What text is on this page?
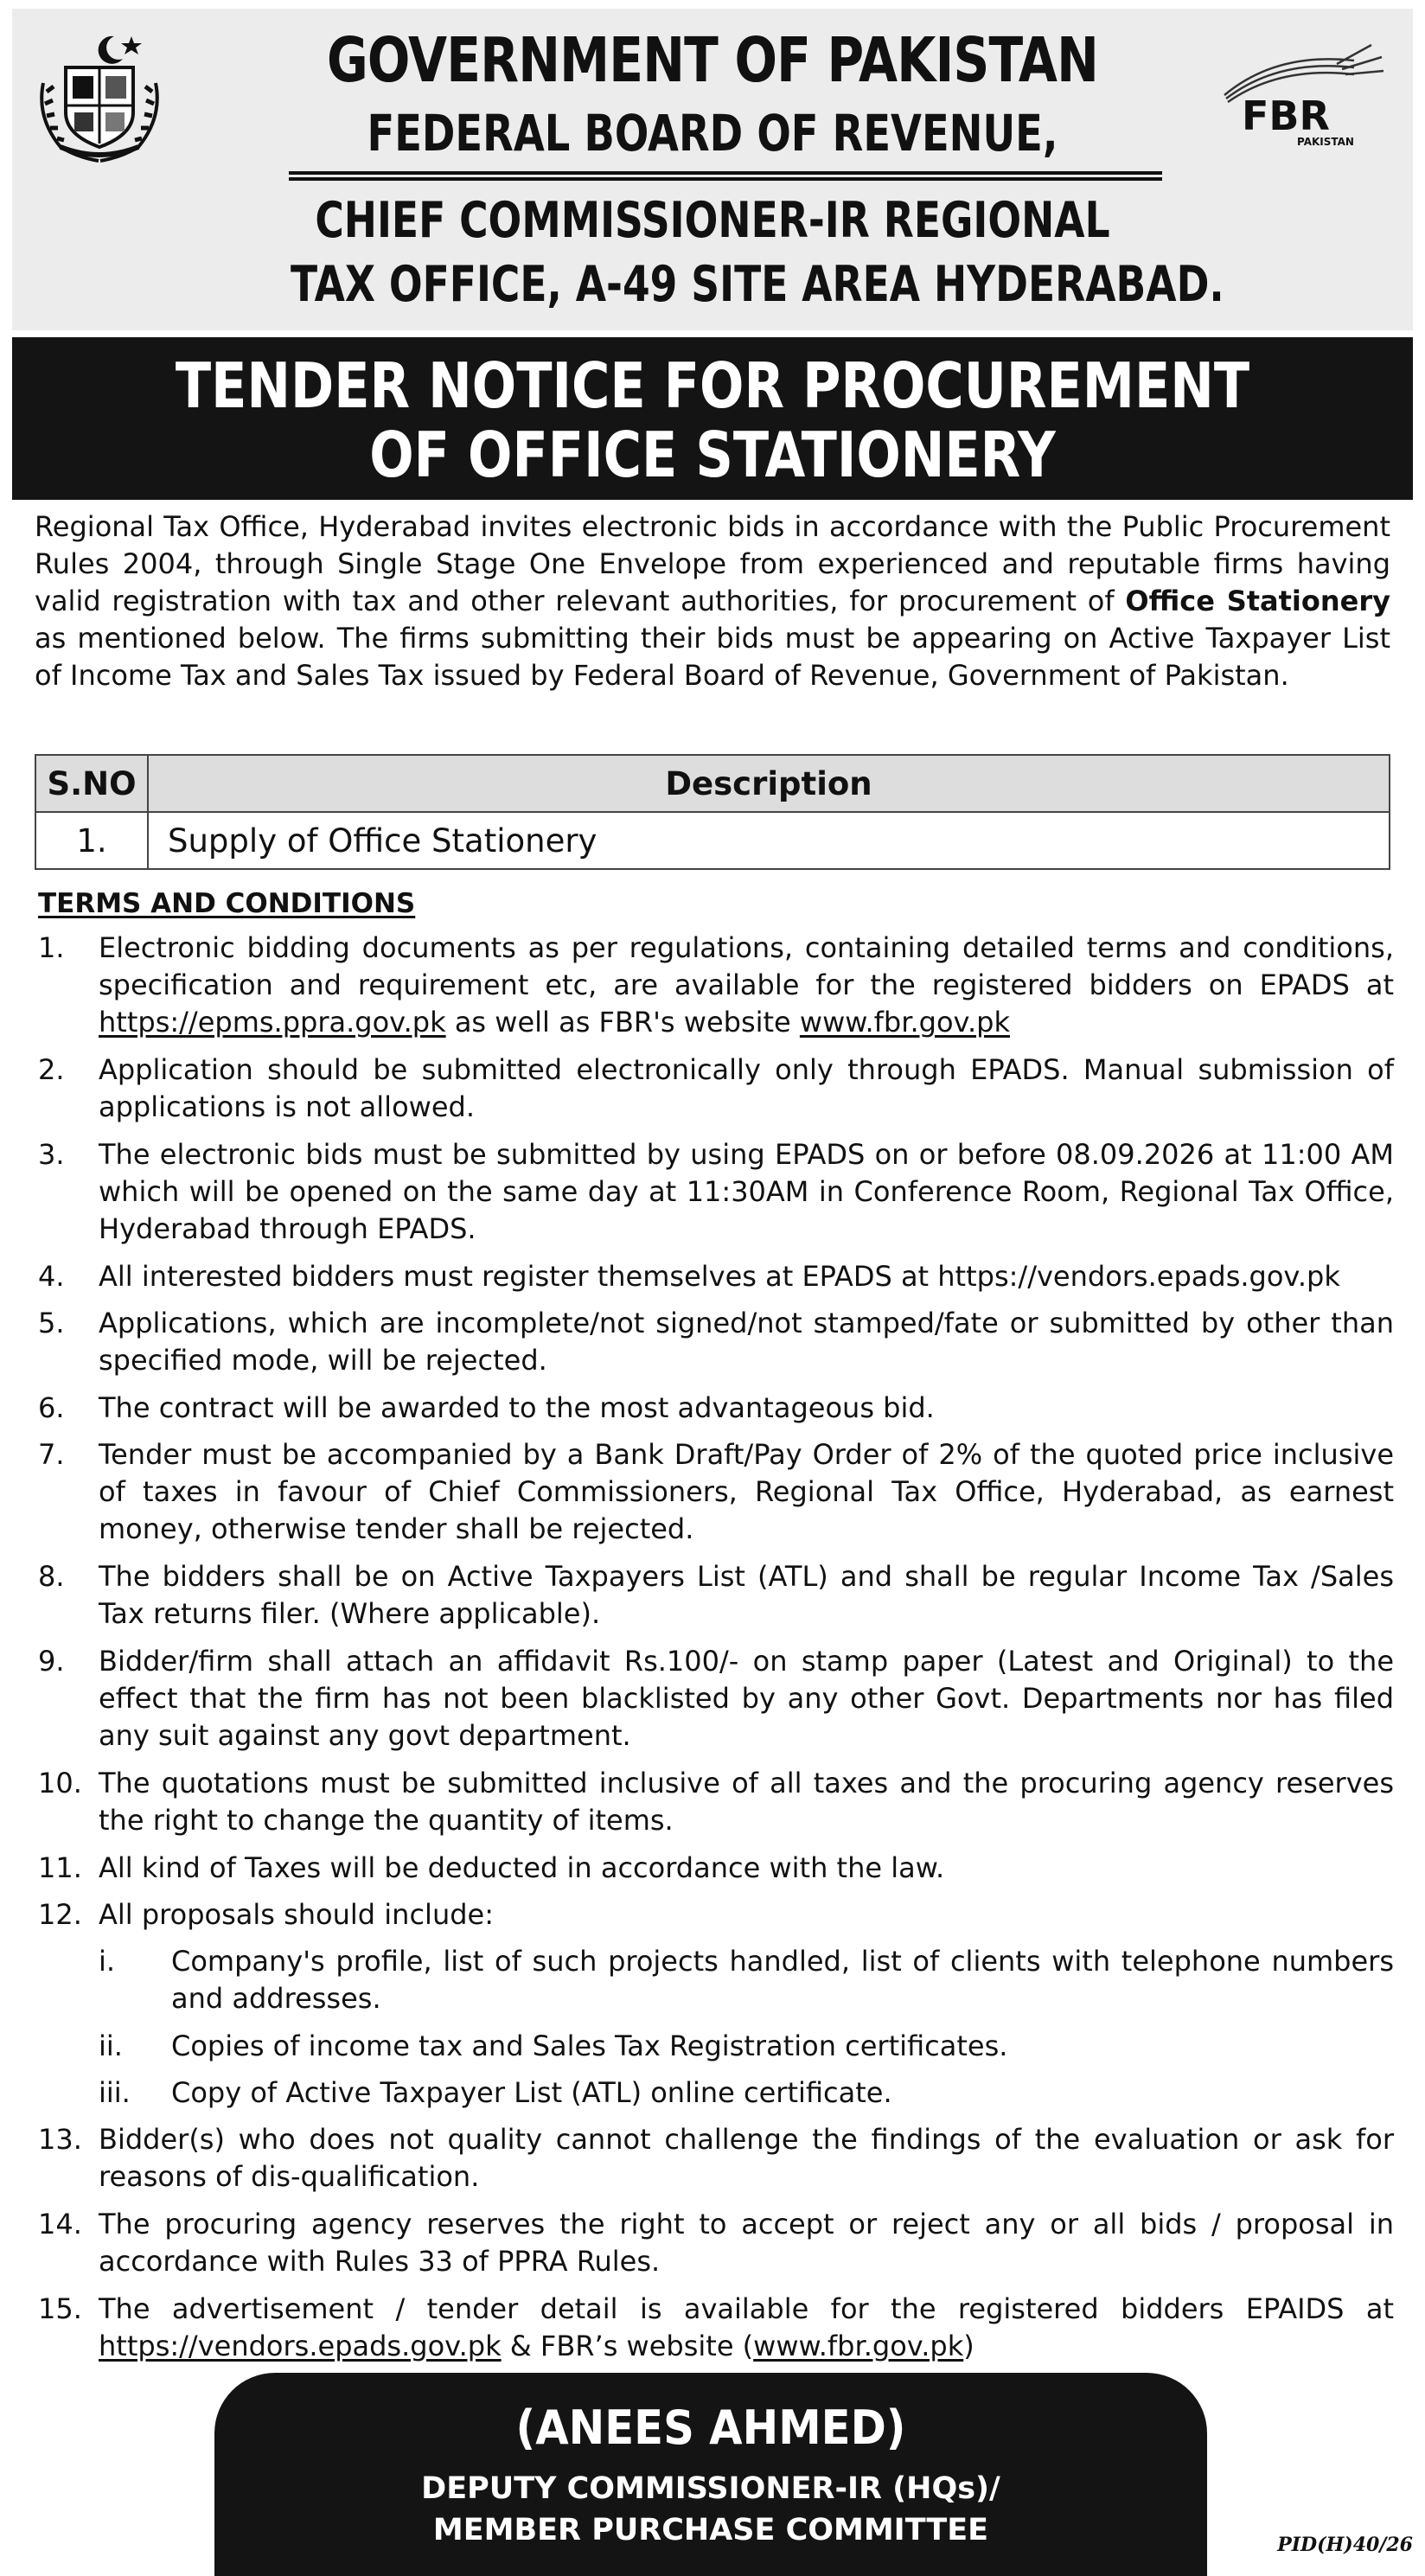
GOVERNMENT OF PAKISTAN
FEDERAL BOARD OF REVENUE,
CHIEF COMMISSIONER-IR REGIONAL
TAX OFFICE, A-49 SITE AREA HYDERABAD.
FBR
PAKISTAN
TENDER NOTICE FOR PROCUREMENT
OF OFFICE STATIONERY
Regional Tax Office, Hyderabad invites electronic bids in accordance with the Public Procurement Rules 2004, through Single Stage One Envelope from experienced and reputable firms having valid registration with tax and other relevant authorities, for procurement of Office Stationery as mentioned below. The firms submitting their bids must be appearing on Active Taxpayer List of Income Tax and Sales Tax issued by Federal Board of Revenue, Government of Pakistan.
S.NO	Description
1.	Supply of Office Stationery
TERMS AND CONDITIONS
1. Electronic bidding documents as per regulations, containing detailed terms and conditions, specification and requirement etc, are available for the registered bidders on EPADS at https://epms.ppra.gov.pk as well as FBR's website www.fbr.gov.pk
2. Application should be submitted electronically only through EPADS. Manual submission of applications is not allowed.
3. The electronic bids must be submitted by using EPADS on or before 08.09.2026 at 11:00 AM which will be opened on the same day at 11:30AM in Conference Room, Regional Tax Office, Hyderabad through EPADS.
4. All interested bidders must register themselves at EPADS at https://vendors.epads.gov.pk
5. Applications, which are incomplete/not signed/not stamped/fate or submitted by other than specified mode, will be rejected.
6. The contract will be awarded to the most advantageous bid.
7. Tender must be accompanied by a Bank Draft/Pay Order of 2% of the quoted price inclusive of taxes in favour of Chief Commissioners, Regional Tax Office, Hyderabad, as earnest money, otherwise tender shall be rejected.
8. The bidders shall be on Active Taxpayers List (ATL) and shall be regular Income Tax /Sales Tax returns filer. (Where applicable).
9. Bidder/firm shall attach an affidavit Rs.100/- on stamp paper (Latest and Original) to the effect that the firm has not been blacklisted by any other Govt. Departments nor has filed any suit against any govt department.
10. The quotations must be submitted inclusive of all taxes and the procuring agency reserves the right to change the quantity of items.
11. All kind of Taxes will be deducted in accordance with the law.
12. All proposals should include:
i. Company's profile, list of such projects handled, list of clients with telephone numbers and addresses.
ii. Copies of income tax and Sales Tax Registration certificates.
iii. Copy of Active Taxpayer List (ATL) online certificate.
13. Bidder(s) who does not quality cannot challenge the findings of the evaluation or ask for reasons of dis-qualification.
14. The procuring agency reserves the right to accept or reject any or all bids / proposal in accordance with Rules 33 of PPRA Rules.
15. The advertisement / tender detail is available for the registered bidders EPAIDS at https://vendors.epads.gov.pk & FBR’s website (www.fbr.gov.pk)
(ANEES AHMED)
DEPUTY COMMISSIONER-IR (HQs)/
MEMBER PURCHASE COMMITTEE	PID(H)40/26
